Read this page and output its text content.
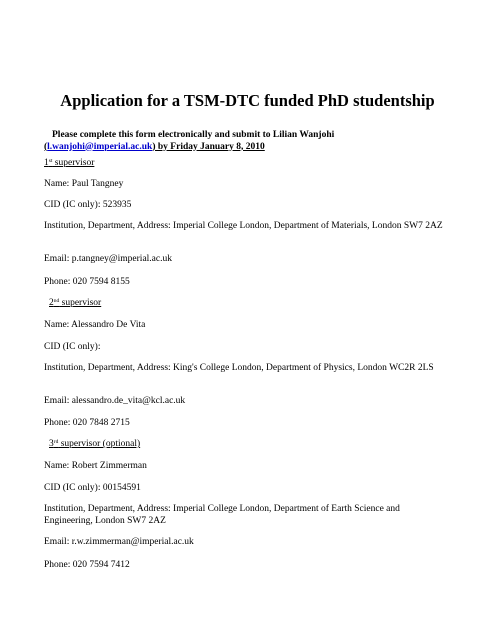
Application for a TSM-DTC funded PhD studentship
Please complete this form electronically and submit to Lilian Wanjohi
(l.wanjohi@imperial.ac.uk) by Friday January 8, 2010
1st supervisor
Name: Paul Tangney
CID (IC only): 523935
Institution, Department, Address: Imperial College London, Department of Materials, London SW7 2AZ
Email: p.tangney@imperial.ac.uk
Phone: 020 7594 8155
2nd supervisor
Name: Alessandro De Vita
CID (IC only):
Institution, Department, Address: King's College London, Department of Physics, London WC2R 2LS
Email: alessandro.de_vita@kcl.ac.uk
Phone: 020 7848 2715
3rd supervisor (optional)
Name: Robert Zimmerman
CID (IC only): 00154591
Institution, Department, Address: Imperial College London, Department of Earth Science and Engineering, London SW7 2AZ
Email: r.w.zimmerman@imperial.ac.uk
Phone: 020 7594 7412
